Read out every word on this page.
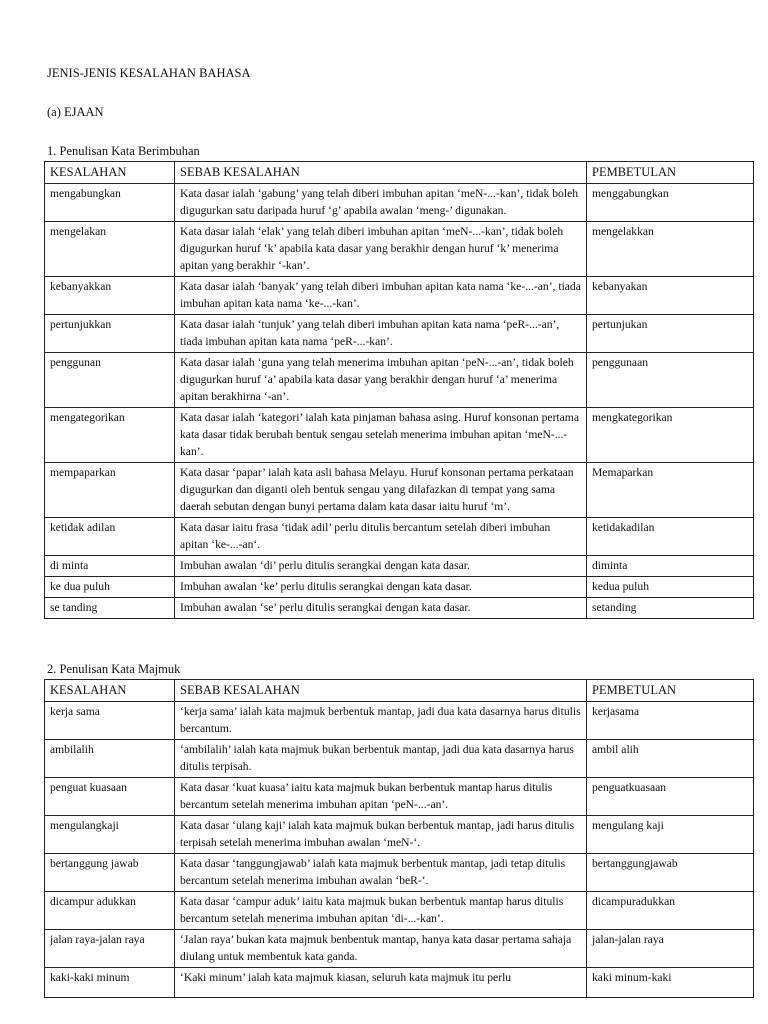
JENIS-JENIS KESALAHAN BAHASA
(a) EJAAN
1. Penulisan Kata Berimbuhan
KESALAHAN	SEBAB KESALAHAN	PEMBETULAN
mengabungkan	Kata dasar ialah ‘gabung’ yang telah diberi imbuhan apitan ‘meN-...-kan’, tidak boleh digugurkan satu daripada huruf ‘g’ apabila awalan ‘meng-’ digunakan.	menggabungkan
mengelakan	Kata dasar ialah ‘elak’ yang telah diberi imbuhan apitan ‘meN-...-kan’, tidak boleh digugurkan huruf ‘k’ apabila kata dasar yang berakhir dengan huruf ‘k’ menerima apitan yang berakhir ‘-kan’.	mengelakkan
kebanyakkan	Kata dasar ialah ‘banyak’ yang telah diberi imbuhan apitan kata nama ‘ke-...-an’, tiada imbuhan apitan kata nama ‘ke-...-kan’.	kebanyakan
pertunjukkan	Kata dasar ialah ‘tunjuk’ yang telah diberi imbuhan apitan kata nama ‘peR-...-an’, tiada imbuhan apitan kata nama ‘peR-...-kan’.	pertunjukan
penggunan	Kata dasar ialah ‘guna yang telah menerima imbuhan apitan ‘peN-...-an’, tidak boleh digugurkan huruf ‘a’ apabila kata dasar yang berakhir dengan huruf ‘a’ menerima apitan berakhirna ‘-an’.	penggunaan
mengategorikan	Kata dasar ialah ‘kategori’ ialah kata pinjaman bahasa asing. Huruf konsonan pertama kata dasar tidak berubah bentuk sengau setelah menerima imbuhan apitan ‘meN-...-kan’.	mengkategorikan
mempaparkan	Kata dasar ‘papar’ ialah kata asli bahasa Melayu. Huruf konsonan pertama perkataan digugurkan dan diganti oleh bentuk sengau yang dilafazkan di tempat yang sama daerah sebutan dengan bunyi pertama dalam kata dasar iaitu huruf ‘m’.	Memaparkan
ketidak adilan	Kata dasar iaitu frasa ‘tidak adil’ perlu ditulis bercantum setelah diberi imbuhan apitan ‘ke-...-an‘.	ketidakadilan
di minta	Imbuhan awalan ‘di’ perlu ditulis serangkai dengan kata dasar.	diminta
ke dua puluh	Imbuhan awalan ‘ke’ perlu ditulis serangkai dengan kata dasar.	kedua puluh
se tanding	Imbuhan awalan ‘se’ perlu ditulis serangkai dengan kata dasar.	setanding
2. Penulisan Kata Majmuk
KESALAHAN	SEBAB KESALAHAN	PEMBETULAN
kerja sama	‘kerja sama’ ialah kata majmuk berbentuk mantap, jadi dua kata dasarnya harus ditulis bercantum.	kerjasama
ambilalih	‘ambilalih’ ialah kata majmuk bukan berbentuk mantap, jadi dua kata dasarnya harus ditulis terpisah.	ambil alih
penguat kuasaan	Kata dasar ‘kuat kuasa’ iaitu kata majmuk bukan berbentuk mantap harus ditulis bercantum setelah menerima imbuhan apitan ‘peN-...-an’.	penguatkuasaan
mengulangkaji	Kata dasar ‘ulang kaji’ ialah kata majmuk bukan berbentuk mantap, jadi harus ditulis terpisah setelah menerima imbuhan awalan ‘meN-‘.	mengulang kaji
bertanggung jawab	Kata dasar ‘tanggungjawab’ ialah kata majmuk berbentuk mantap, jadi tetap ditulis bercantum setelah menerima imbuhan awalan ‘beR-‘.	bertanggungjawab
dicampur adukkan	Kata dasar ‘campur aduk’ iaitu kata majmuk bukan berbentuk mantap harus ditulis bercantum setelah menerima imbuhan apitan ‘di-...-kan’.	dicampuradukkan
jalan raya-jalan raya	‘Jalan raya’ bukan kata majmuk benbentuk mantap, hanya kata dasar pertama sahaja diulang untuk membentuk kata ganda.	jalan-jalan raya
kaki-kaki minum	‘Kaki minum’ ialah kata majmuk kiasan, seluruh kata majmuk itu perlu	kaki minum-kaki
